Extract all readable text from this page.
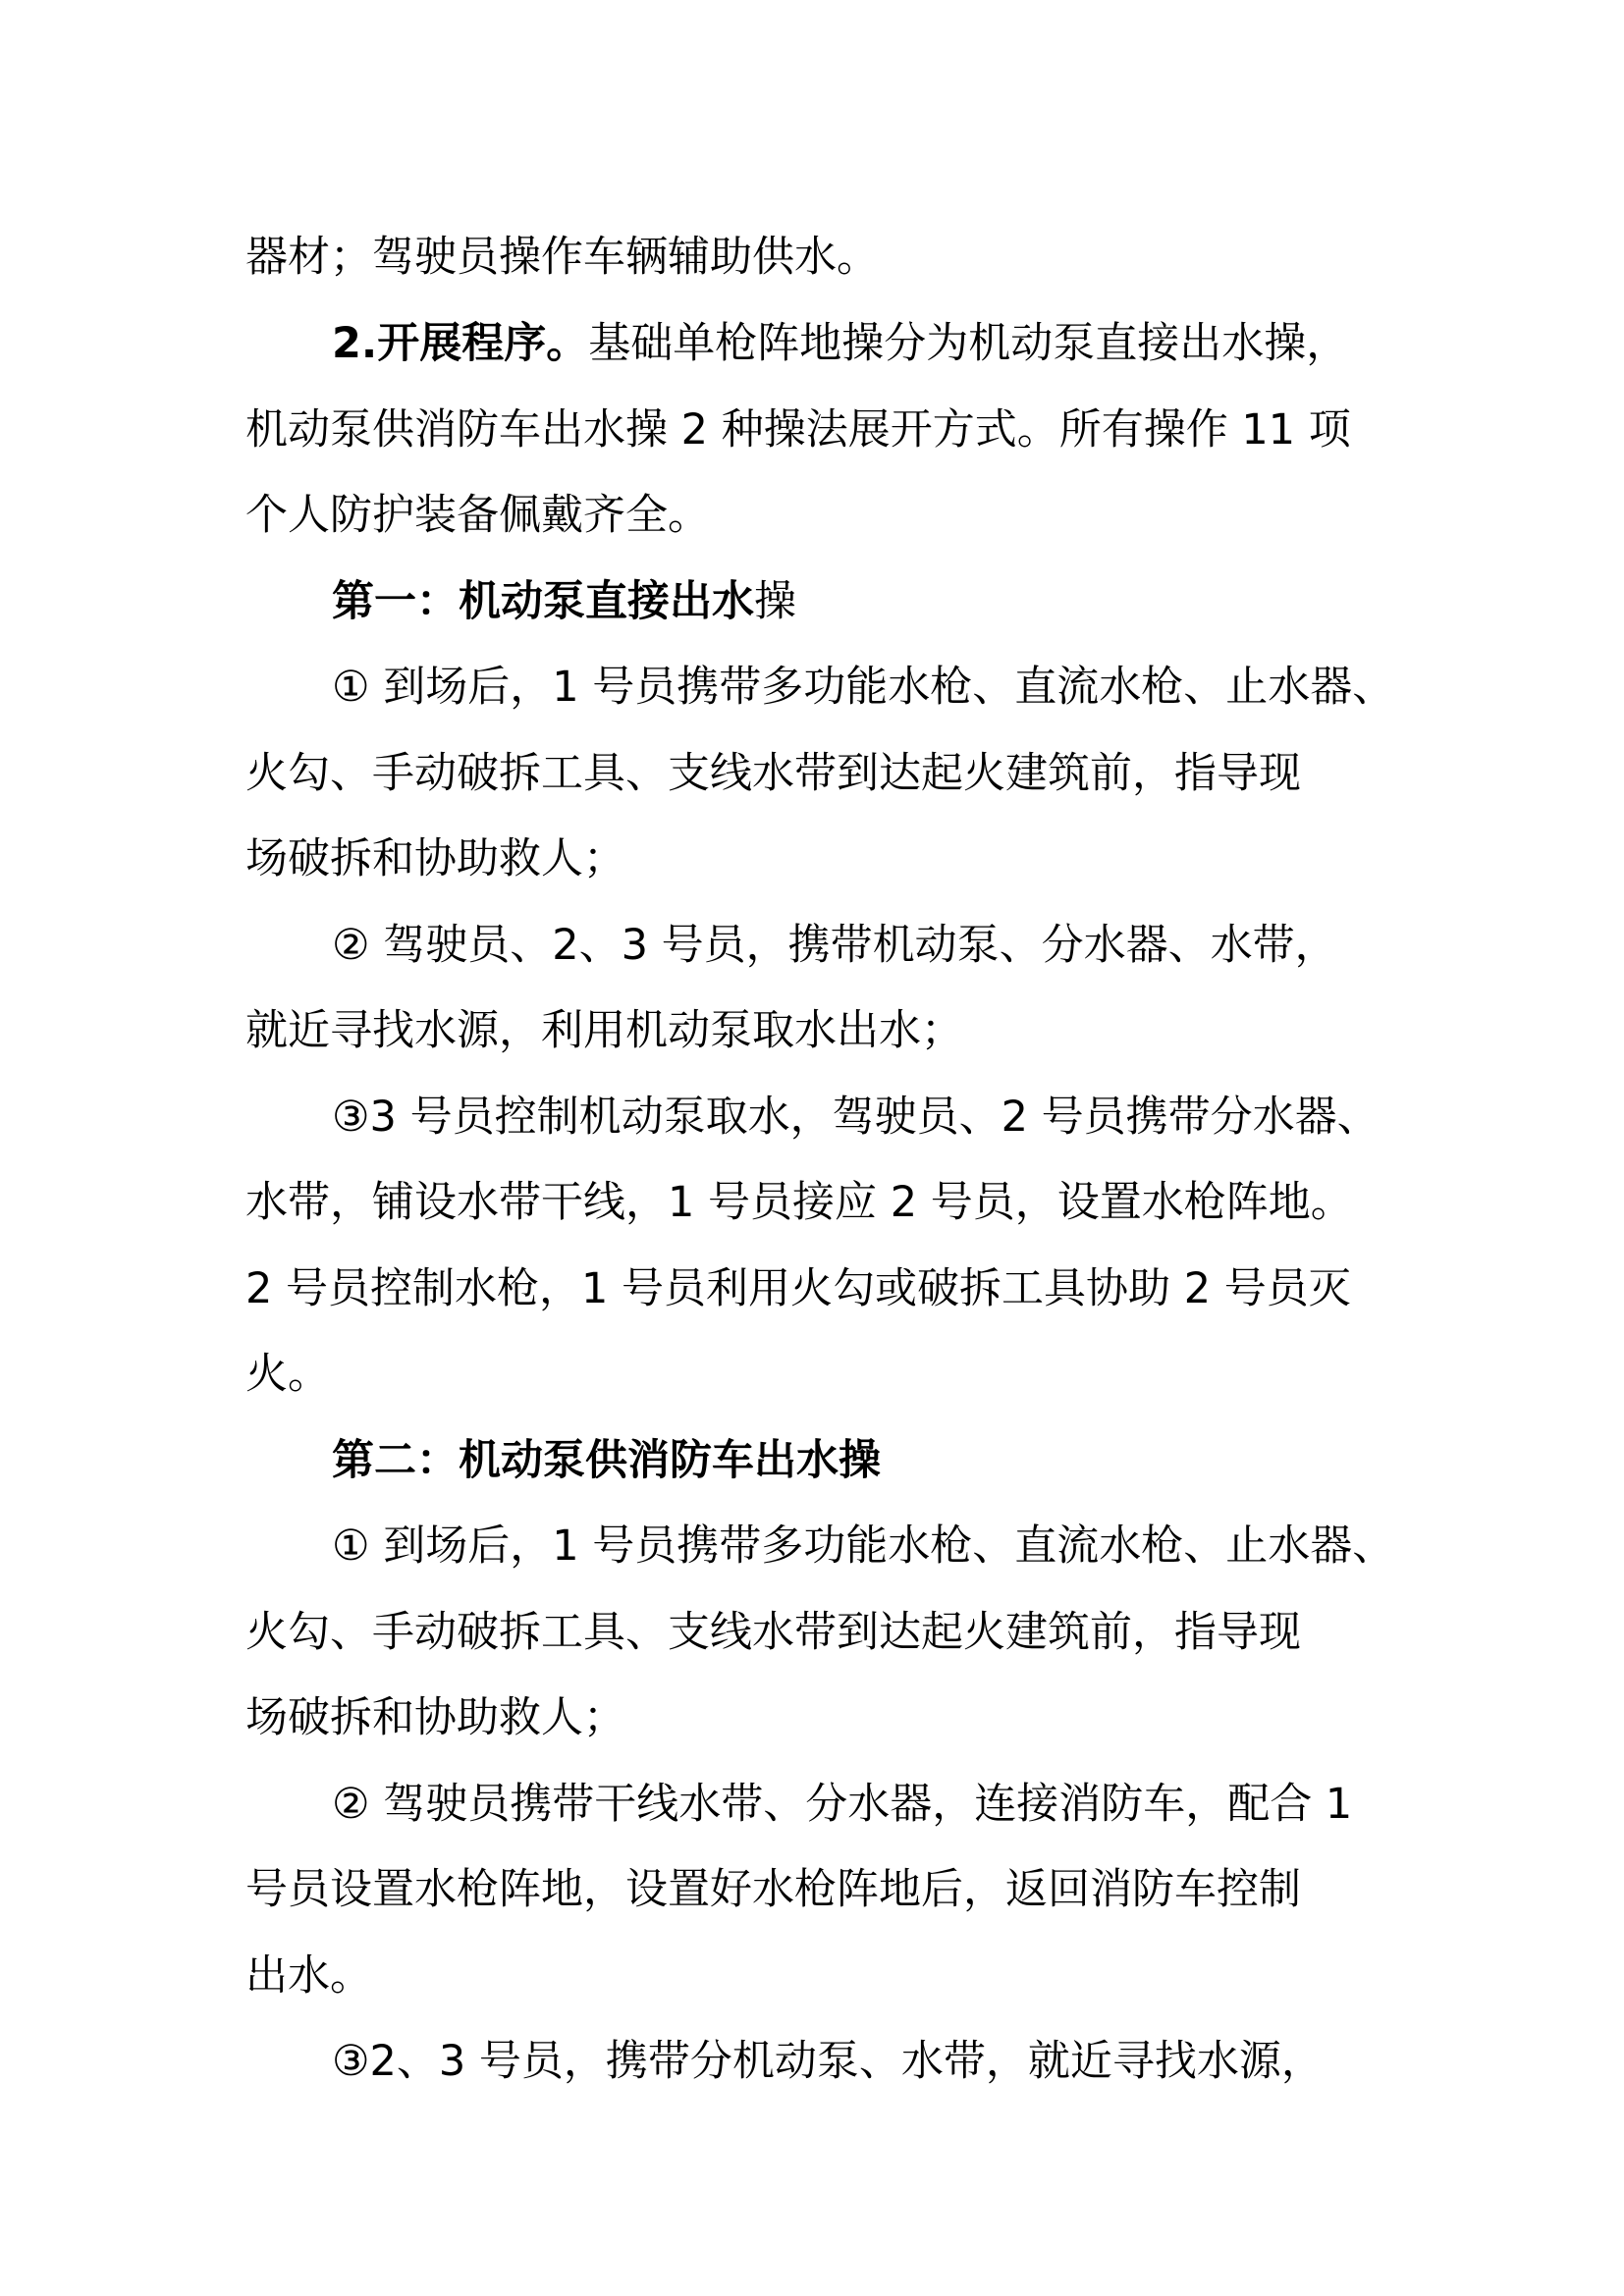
器材；驾驶员操作车辆辅助供水。
2.开展程序。基础单枪阵地操分为机动泵直接出水操，
机动泵供消防车出水操 2 种操法展开方式。所有操作 11 项
个人防护装备佩戴齐全。
第一：机动泵直接出水操
① 到场后，1 号员携带多功能水枪、直流水枪、止水器、
火勾、手动破拆工具、支线水带到达起火建筑前，指导现
场破拆和协助救人；
② 驾驶员、2、3 号员，携带机动泵、分水器、水带，
就近寻找水源，利用机动泵取水出水；
③3 号员控制机动泵取水，驾驶员、2 号员携带分水器、
水带，铺设水带干线，1 号员接应 2 号员，设置水枪阵地。
2 号员控制水枪，1 号员利用火勾或破拆工具协助 2 号员灭
火。
第二：机动泵供消防车出水操
① 到场后，1 号员携带多功能水枪、直流水枪、止水器、
火勾、手动破拆工具、支线水带到达起火建筑前，指导现
场破拆和协助救人；
② 驾驶员携带干线水带、分水器，连接消防车，配合 1
号员设置水枪阵地，设置好水枪阵地后，返回消防车控制
出水。
③2、3 号员，携带分机动泵、水带，就近寻找水源，
